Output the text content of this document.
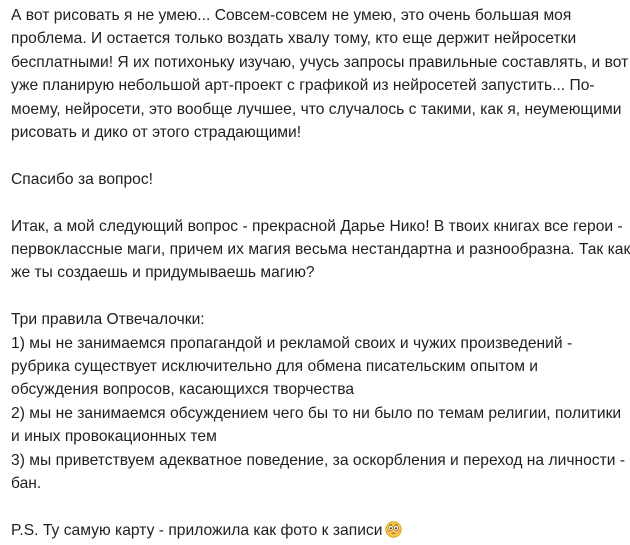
А вот рисовать я не умею... Совсем-совсем не умею, это очень большая моя
проблема. И остается только воздать хвалу тому, кто еще держит нейросетки
бесплатными! Я их потихоньку изучаю, учусь запросы правильные составлять, и вот
уже планирую небольшой арт-проект с графикой из нейросетей запустить... По-
моему, нейросети, это вообще лучшее, что случалось с такими, как я, неумеющими
рисовать и дико от этого страдающими!
Спасибо за вопрос!
Итак, а мой следующий вопрос - прекрасной Дарье Нико! В твоих книгах все герои -
первоклассные маги, причем их магия весьма нестандартна и разнообразна. Так как
же ты создаешь и придумываешь магию?
Три правила Отвечалочки:
1) мы не занимаемся пропагандой и рекламой своих и чужих произведений -
рубрика существует исключительно для обмена писательским опытом и
обсуждения вопросов, касающихся творчества
2) мы не занимаемся обсуждением чего бы то ни было по темам религии, политики
и иных провокационных тем
3) мы приветствуем адекватное поведение, за оскорбления и переход на личности -
бан.
P.S. Ту самую карту - приложила как фото к записи
